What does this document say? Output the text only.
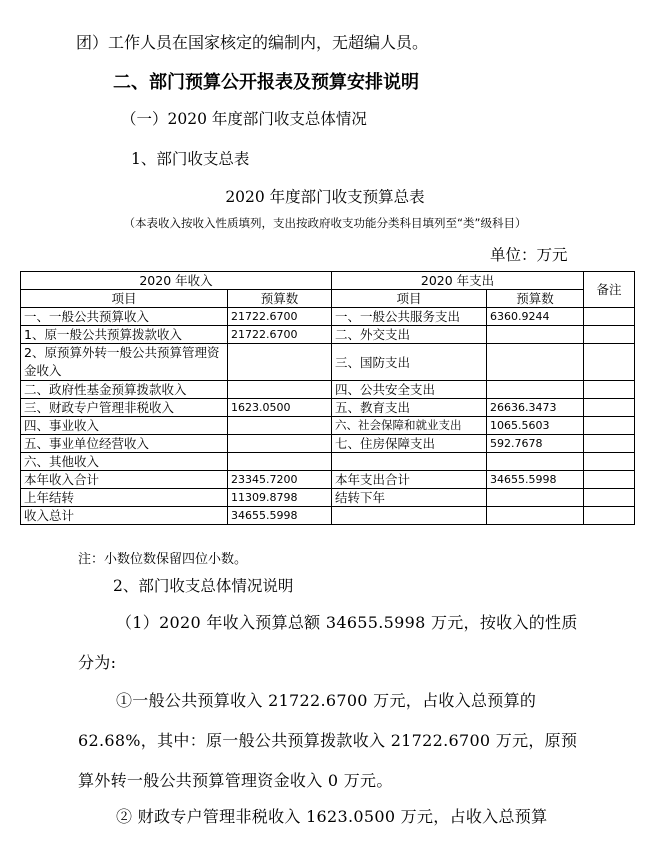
团）工作人员在国家核定的编制内，无超编人员。
二、部门预算公开报表及预算安排说明
（一）2020 年度部门收支总体情况
1、部门收支总表
2020 年度部门收支预算总表
（本表收入按收入性质填列，支出按政府收支功能分类科目填列至“类”级科目）
单位：万元
2020 年收入		2020 年支出		备注
项目	预算数	项目	预算数	
一、一般公共预算收入	21722.6700	一、一般公共服务支出	6360.9244	
1、原一般公共预算拨款收入	21722.6700	二、外交支出		
2、原预算外转一般公共预算管理资金收入		三、国防支出		
二、政府性基金预算拨款收入		四、公共安全支出		
三、财政专户管理非税收入	1623.0500	五、教育支出	26636.3473	
四、事业收入		六、社会保障和就业支出	1065.5603	
五、事业单位经营收入		七、住房保障支出	592.7678	
六、其他收入				
本年收入合计	23345.7200	本年支出合计	34655.5998	
上年结转	11309.8798	结转下年		
收入总计	34655.5998			
注：小数位数保留四位小数。
2、部门收支总体情况说明
（1）2020 年收入预算总额 34655.5998 万元，按收入的性质分为:
①一般公共预算收入 21722.6700 万元，占收入总预算的 62.68%，其中：原一般公共预算拨款收入 21722.6700 万元，原预算外转一般公共预算管理资金收入 0 万元。
② 财政专户管理非税收入 1623.0500 万元，占收入总预算
